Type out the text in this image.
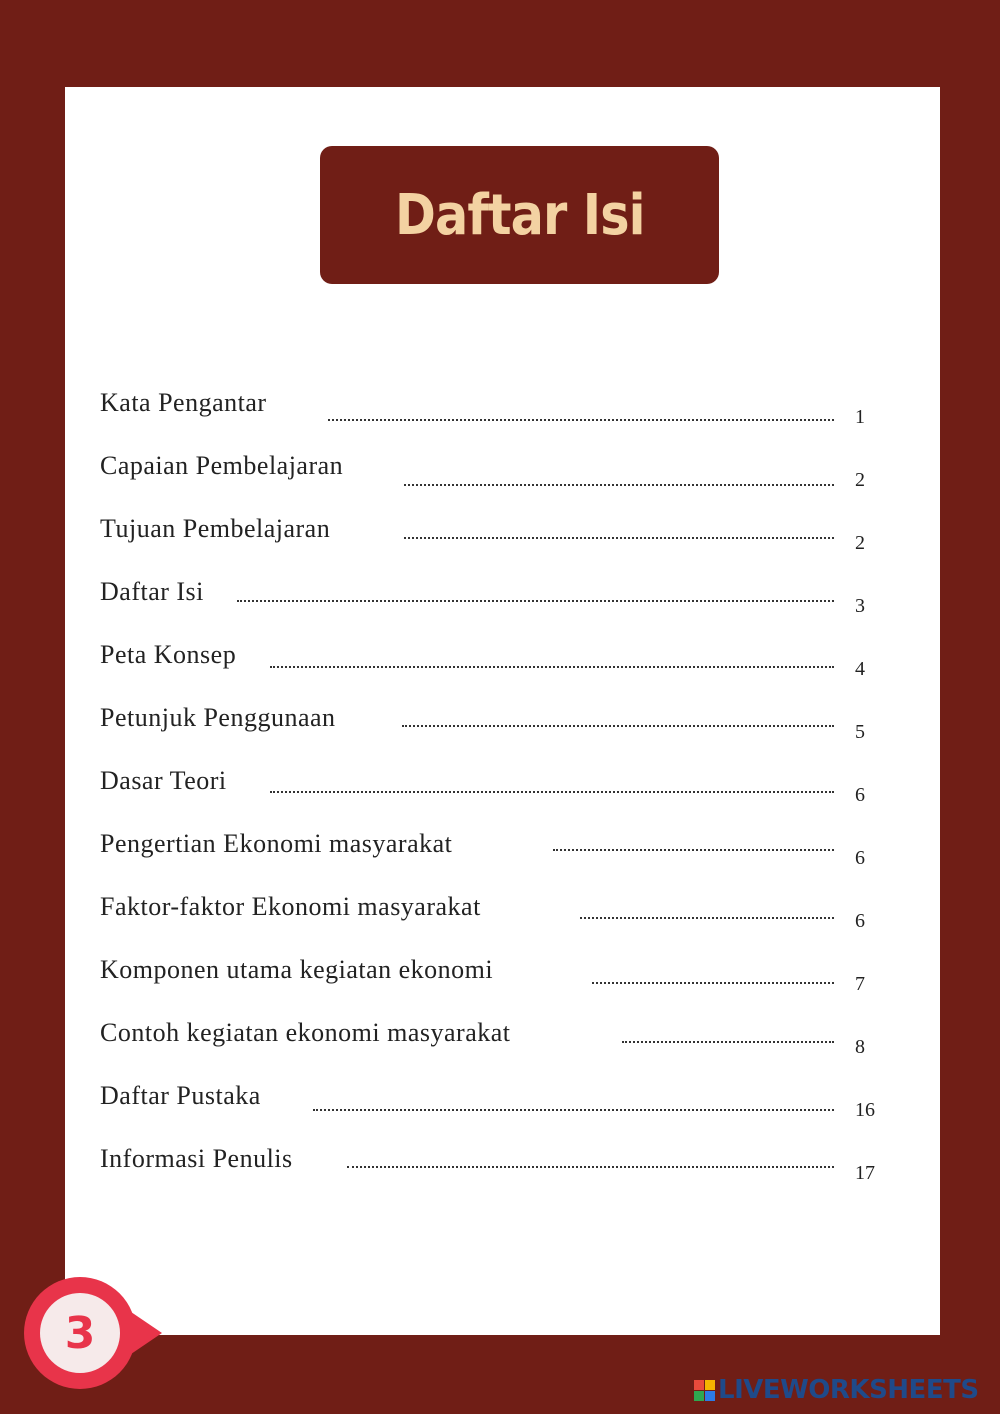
Daftar Isi
Kata Pengantar	1
Capaian Pembelajaran	2
Tujuan Pembelajaran	2
Daftar Isi	3
Peta Konsep	4
Petunjuk Penggunaan	5
Dasar Teori	6
Pengertian Ekonomi masyarakat	6
Faktor-faktor Ekonomi masyarakat	6
Komponen utama kegiatan ekonomi	7
Contoh kegiatan ekonomi masyarakat	8
Daftar Pustaka	16
Informasi Penulis	17
3
LIVEWORKSHEETS
